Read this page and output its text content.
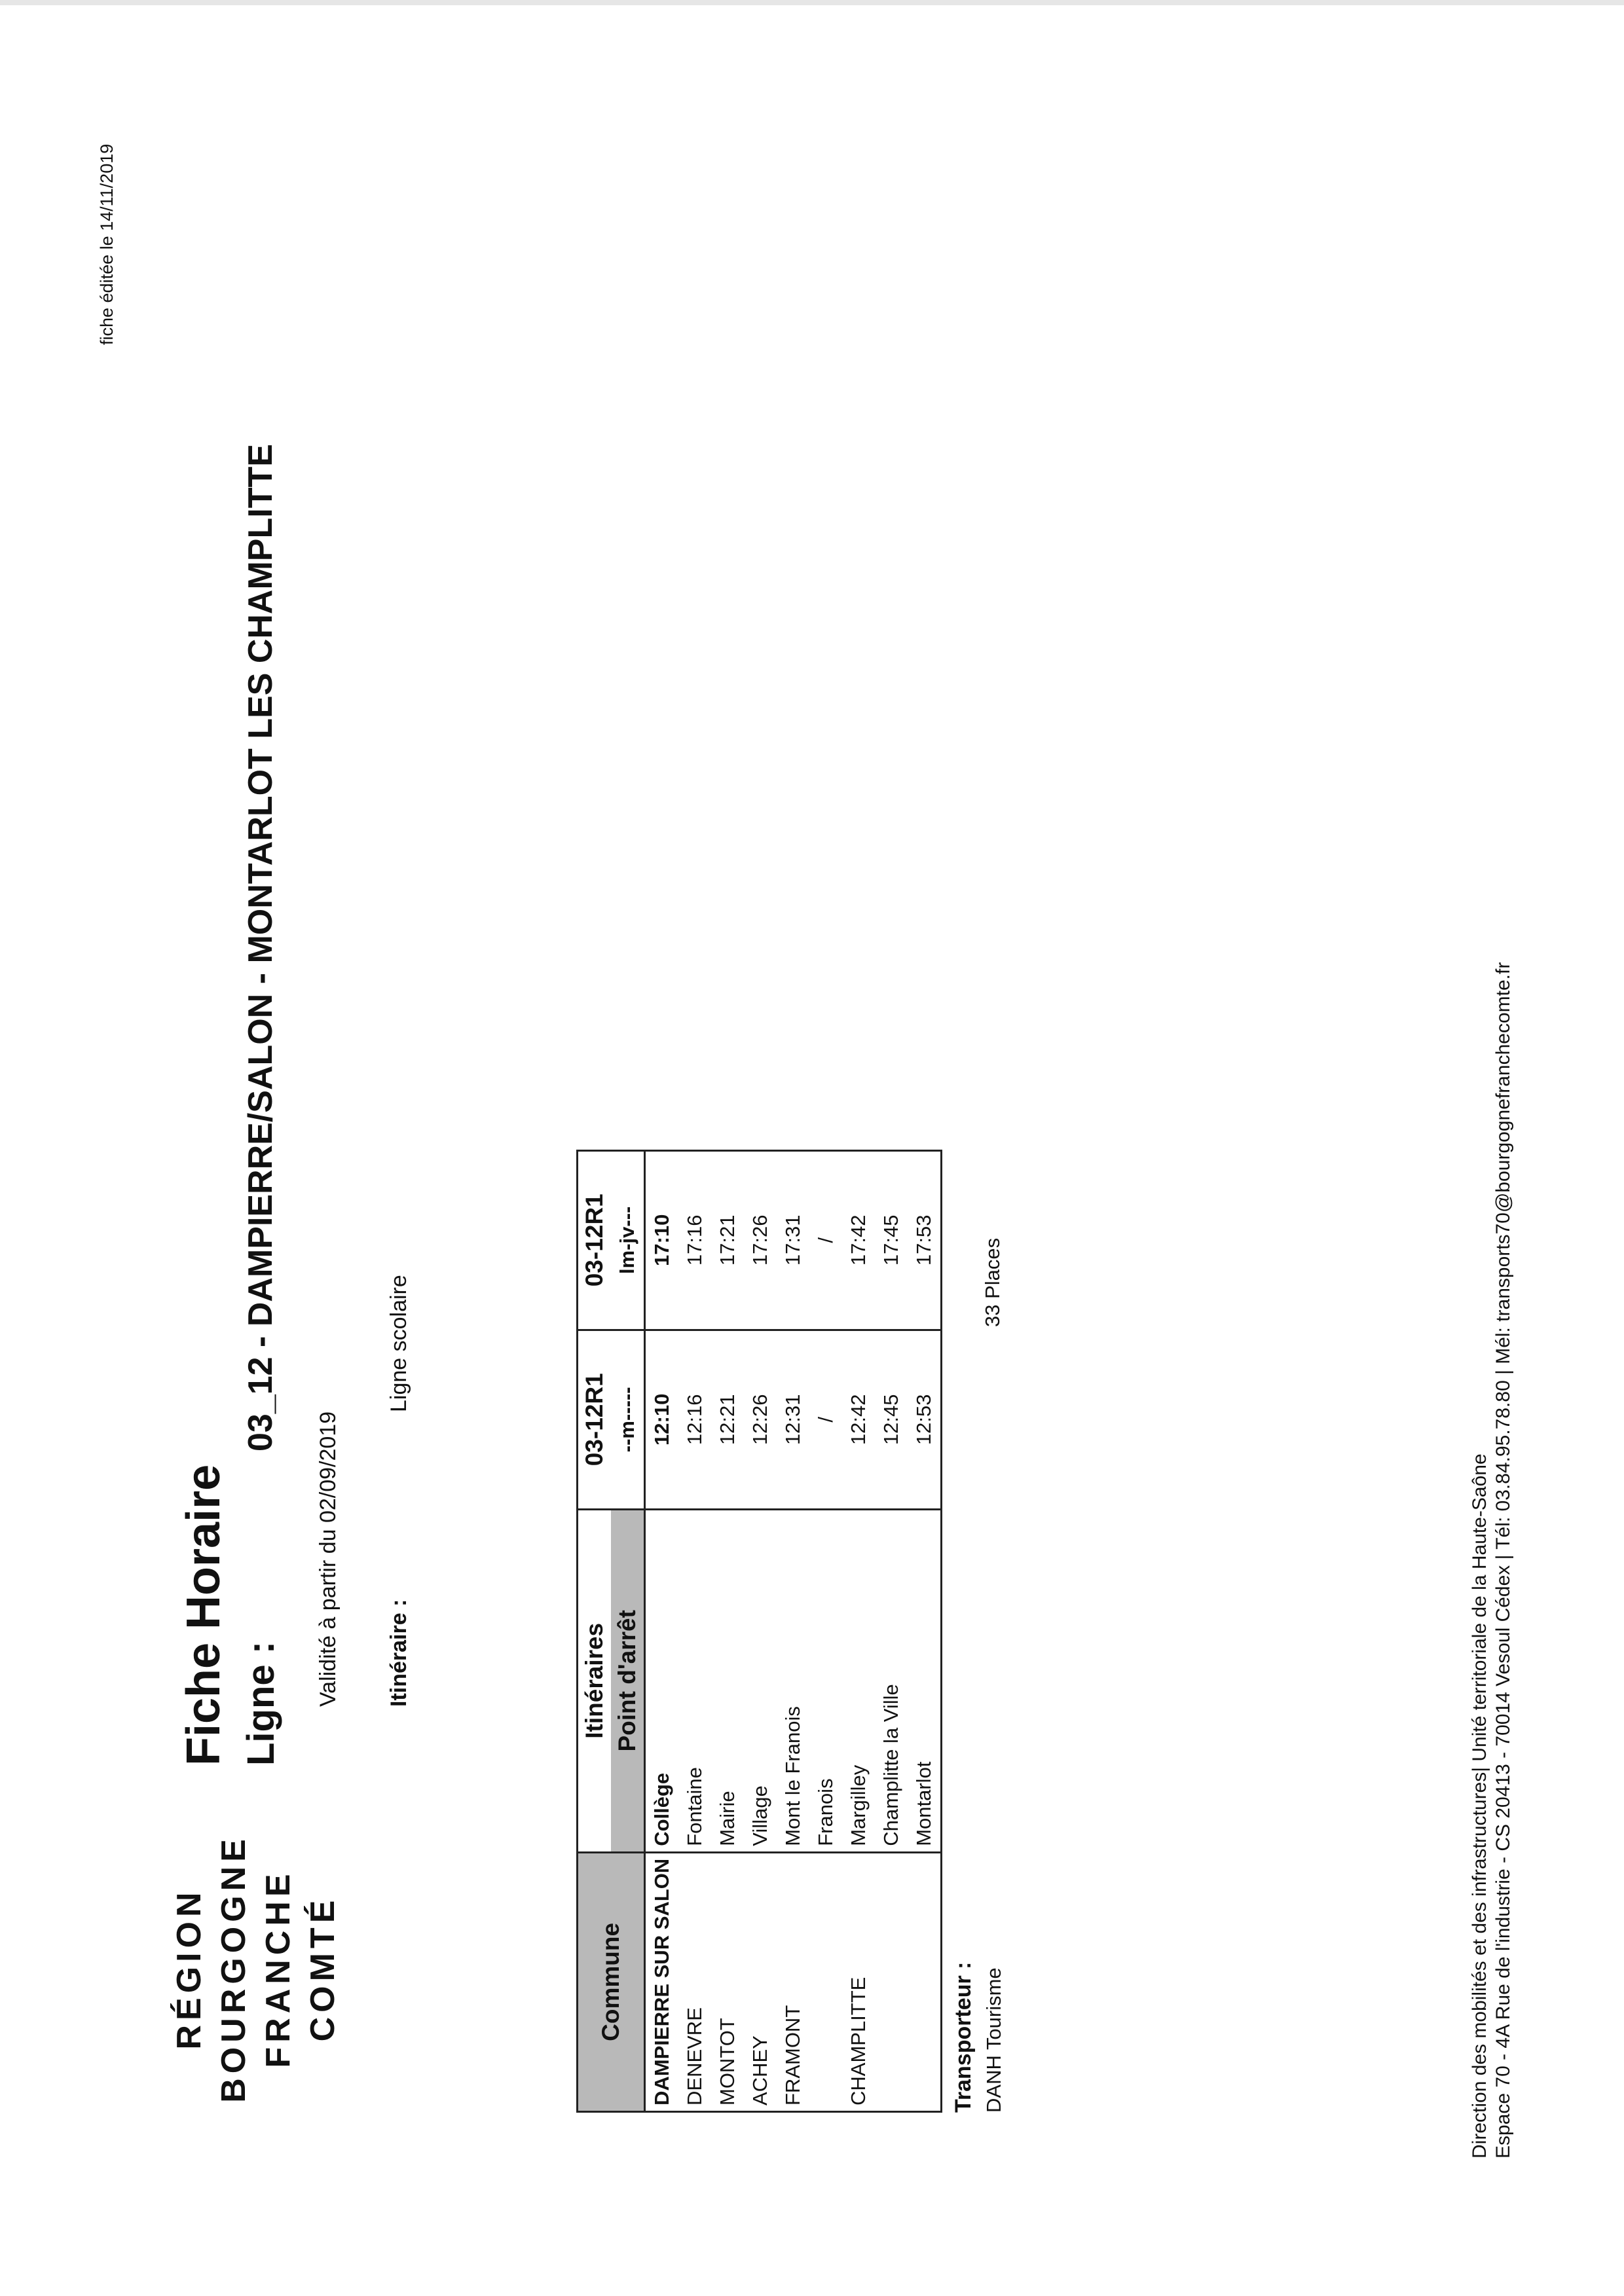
fiche éditée le 14/11/2019
RÉGION BOURGOGNE FRANCHE COMTÉ
Fiche Horaire Ligne :
03_12 - DAMPIERRE/SALON - MONTARLOT LES CHAMPLITTE
Validité à partir du 02/09/2019 Itinéraire :
Ligne scolaire
Commune	Itinéraires	03-12R1	03-12R1
	Point d'arrêt	--m-----	lm-jv---
DAMPIERRE SUR SALON	Collège	12:10	17:10
DENEVRE	Fontaine	12:16	17:16
MONTOT	Mairie	12:21	17:21
ACHEY	Village	12:26	17:26
FRAMONT	Mont le Franois	12:31	17:31
	Franois	/	/
CHAMPLITTE	Margilley	12:42	17:42
	Champlitte la Ville	12:45	17:45
	Montarlot	12:53	17:53
Transporteur : DANH Tourisme
33 Places
Direction des mobilités et des infrastructures| Unité territoriale de la Haute-Saône Espace 70 - 4A Rue de l'industrie - CS 20413 - 70014 Vesoul Cédex | Tél: 03.84.95.78.80 | Mél: transports70@bourgognefranchecomte.fr
